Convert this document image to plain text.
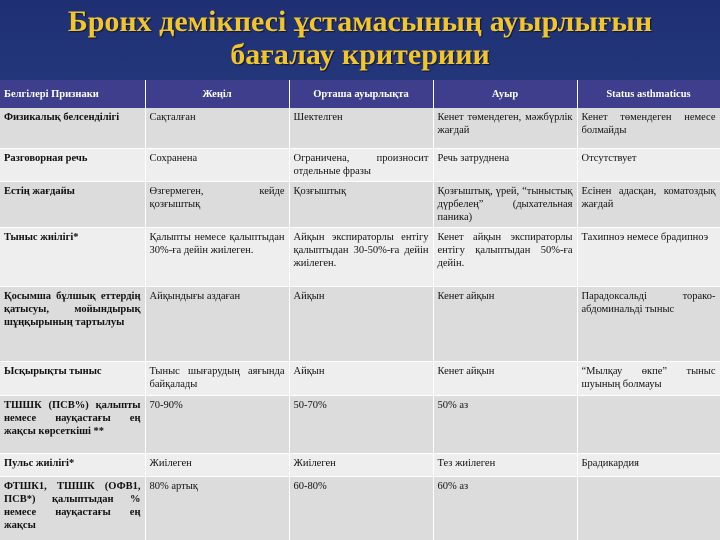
Бронх демікпесі ұстамасының ауырлығын
бағалау критериии
Белгілері Признаки	Жеңіл	Орташа ауырлықта	Ауыр	Status asthmaticus
Физикалық белсенділігі	Сақталған	Шектелген	Кенет төмендеген, мәжбүрлік жағдай	Кенет төмендеген немесе болмайды
Разговорная речь	Сохранена	Ограничена, произносит отдельные фразы	Речь затруднена	Отсутствует
Естің жағдайы	Өзгермеген, кейде қозғыштық	Қозғыштық	Қозғыштық, үрей, “тыныстық дүрбелең” (дыхательная паника)	Есінен адасқан, коматоздық жағдай
Тыныс жиілігі*	Қалыпты немесе қалыптыдан 30%-ға дейін жиілеген.	Айқын экспираторлы ентігу қалыптыдан 30-50%-ға дейін жиілеген.	Кенет айқын экспираторлы ентігу қалыптыдан 50%-ға дейін.	Тахипноэ немесе брадипноэ
Қосымша бұлшық еттердің қатысуы, мойындырық шұңқырының тартылуы	Айқындығы аздаған	Айқын	Кенет айқын	Парадоксальді торако-абдоминальді тыныс
Ысқырықты тыныс	Тыныс шығарудың аяғында байқалады	Айқын	Кенет айқын	“Мылқау өкпе” тыныс шуының болмауы
ТШШК (ПСВ%) қалыпты немесе науқастағы ең жақсы көрсеткіші **	70-90%	50-70%	50% аз	
Пульс жиілігі*	Жиілеген	Жиілеген	Тез жиілеген	Брадикардия
ФТШК1, ТШШК (ОФВ1, ПСВ*) қалыптыдан % немесе науқастағы ең жақсы	80% артық	60-80%	60% аз	
